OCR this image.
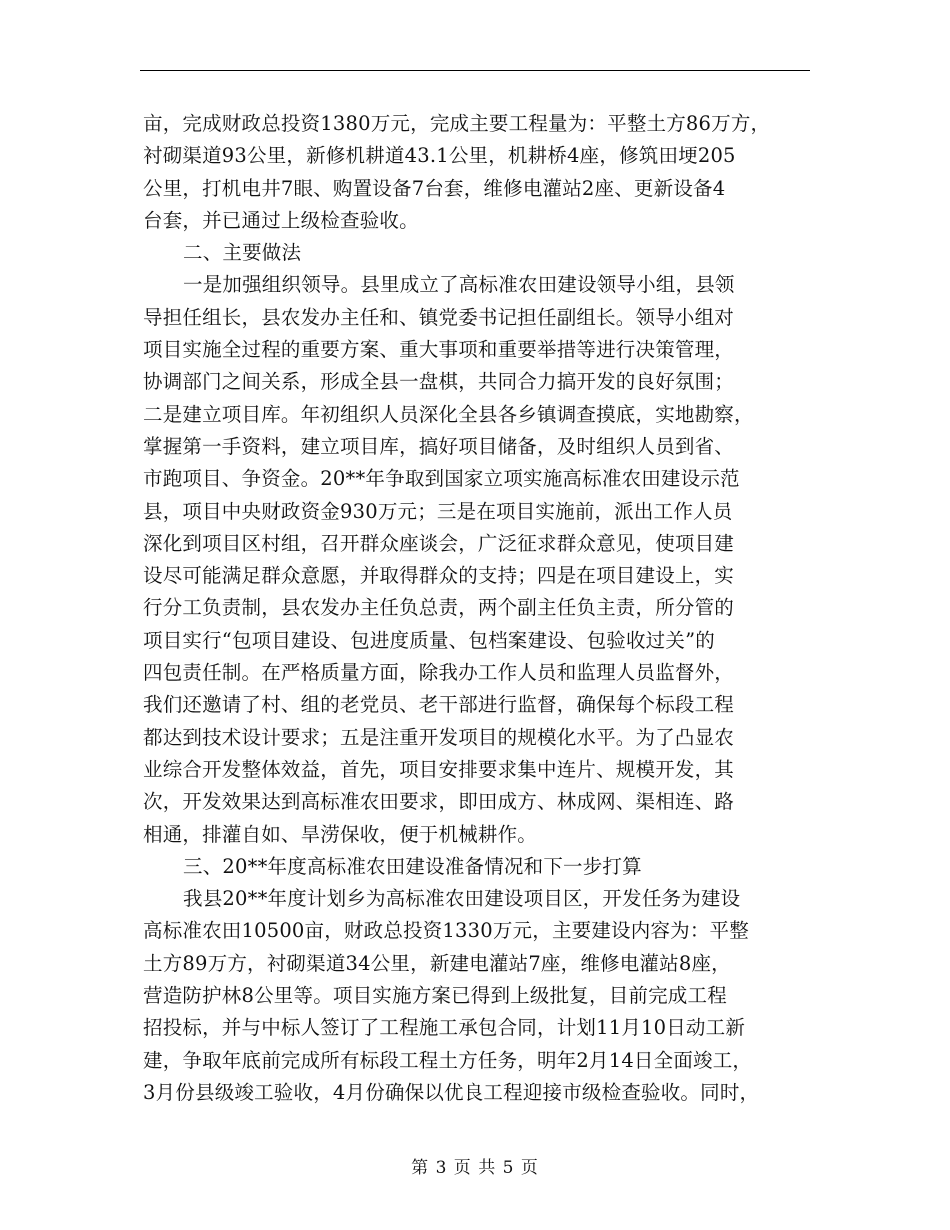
亩，完成财政总投资1380万元，完成主要工程量为：平整土方86万方，
衬砌渠道93公里，新修机耕道43.1公里，机耕桥4座，修筑田埂205
公里，打机电井7眼、购置设备7台套，维修电灌站2座、更新设备4
台套，并已通过上级检查验收。
二、主要做法
一是加强组织领导。县里成立了高标准农田建设领导小组，县领
导担任组长，县农发办主任和、镇党委书记担任副组长。领导小组对
项目实施全过程的重要方案、重大事项和重要举措等进行决策管理，
协调部门之间关系，形成全县一盘棋，共同合力搞开发的良好氛围；
二是建立项目库。年初组织人员深化全县各乡镇调查摸底，实地勘察，
掌握第一手资料，建立项目库，搞好项目储备，及时组织人员到省、
市跑项目、争资金。20**年争取到国家立项实施高标准农田建设示范
县，项目中央财政资金930万元；三是在项目实施前，派出工作人员
深化到项目区村组，召开群众座谈会，广泛征求群众意见，使项目建
设尽可能满足群众意愿，并取得群众的支持；四是在项目建设上，实
行分工负责制，县农发办主任负总责，两个副主任负主责，所分管的
项目实行“包项目建设、包进度质量、包档案建设、包验收过关”的
四包责任制。在严格质量方面，除我办工作人员和监理人员监督外，
我们还邀请了村、组的老党员、老干部进行监督，确保每个标段工程
都达到技术设计要求；五是注重开发项目的规模化水平。为了凸显农
业综合开发整体效益，首先，项目安排要求集中连片、规模开发，其
次，开发效果达到高标准农田要求，即田成方、林成网、渠相连、路
相通，排灌自如、旱涝保收，便于机械耕作。
三、20**年度高标准农田建设准备情况和下一步打算
我县20**年度计划乡为高标准农田建设项目区，开发任务为建设
高标准农田10500亩，财政总投资1330万元，主要建设内容为：平整
土方89万方，衬砌渠道34公里，新建电灌站7座，维修电灌站8座，
营造防护林8公里等。项目实施方案已得到上级批复，目前完成工程
招投标，并与中标人签订了工程施工承包合同，计划11月10日动工新
建，争取年底前完成所有标段工程土方任务，明年2月14日全面竣工，
3月份县级竣工验收，4月份确保以优良工程迎接市级检查验收。同时，
第 3 页 共 5 页
